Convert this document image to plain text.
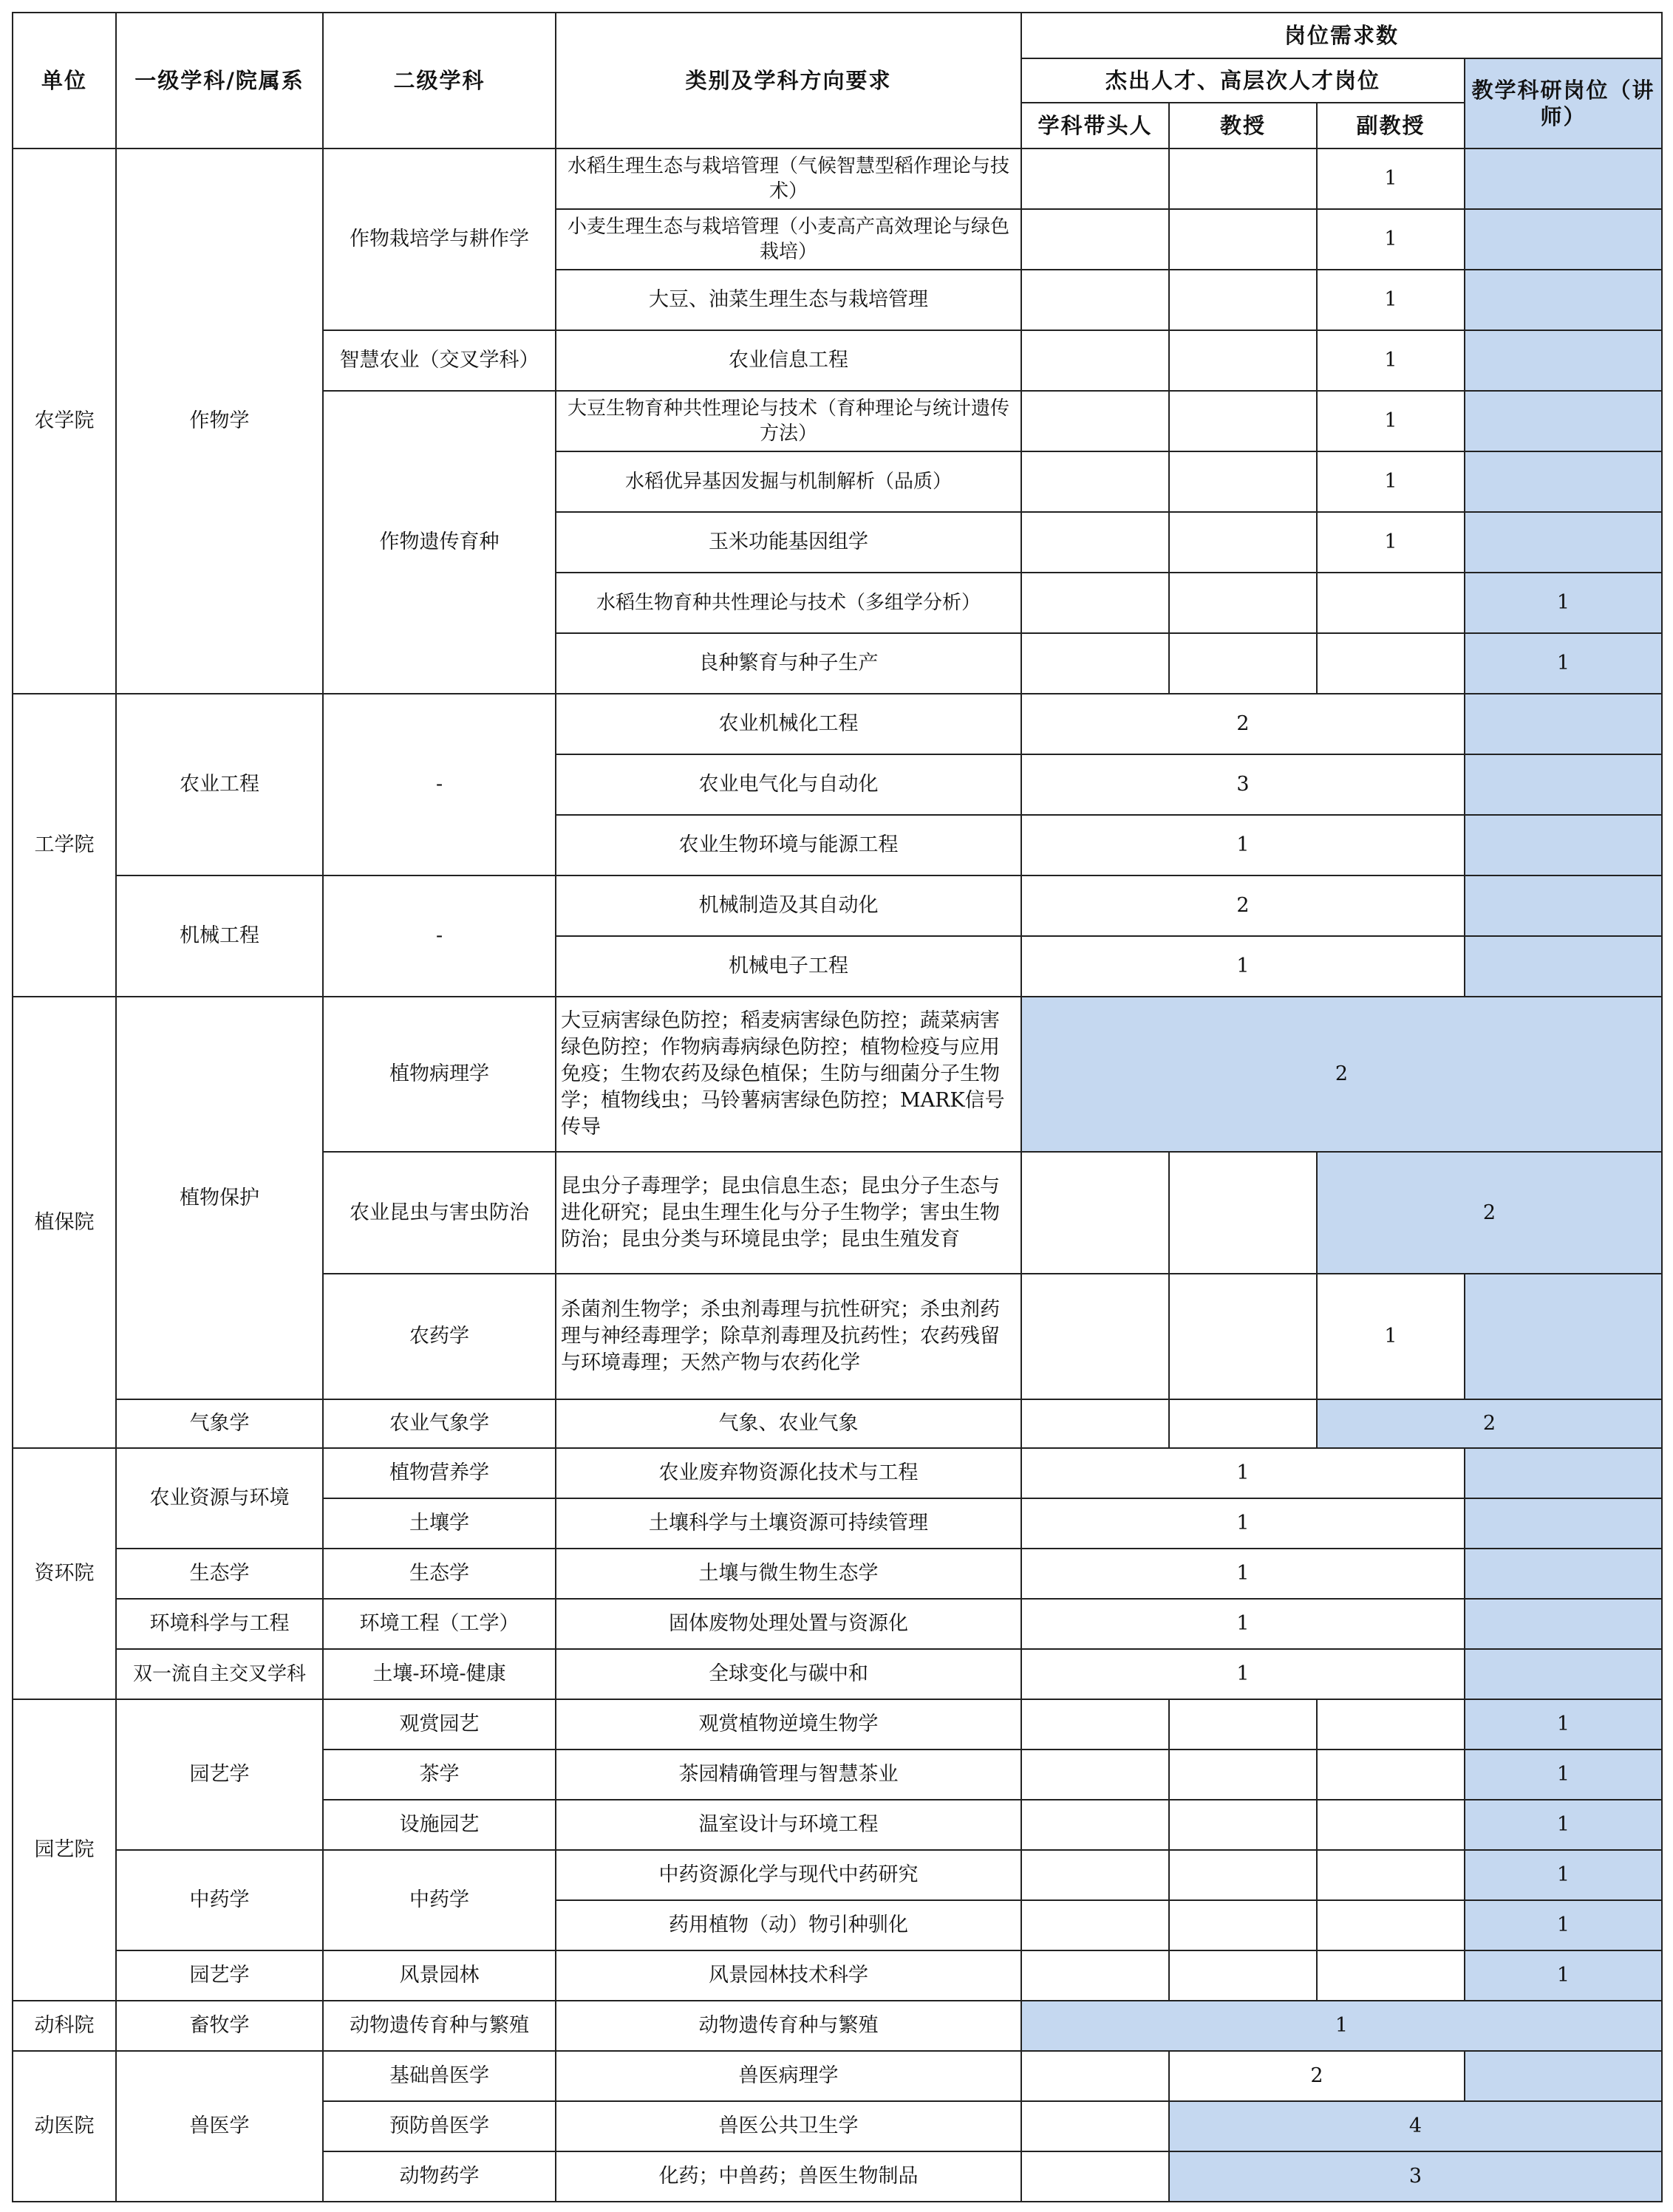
单位	一级学科/院属系	二级学科	类别及学科方向要求	岗位需求数			
				杰出人才、高层次人才岗位			教学科研岗位（讲师）
				学科带头人	教授	副教授	
农学院	作物学	作物栽培学与耕作学	水稻生理生态与栽培管理（气候智慧型稻作理论与技术）			1	
			小麦生理生态与栽培管理（小麦高产高效理论与绿色栽培）			1	
			大豆、油菜生理生态与栽培管理			1	
		智慧农业（交叉学科）	农业信息工程			1	
		作物遗传育种	大豆生物育种共性理论与技术（育种理论与统计遗传方法）			1	
			水稻优异基因发掘与机制解析（品质）			1	
			玉米功能基因组学			1	
			水稻生物育种共性理论与技术（多组学分析）				1
			良种繁育与种子生产				1
工学院	农业工程	-	农业机械化工程	2			
			农业电气化与自动化	3			
			农业生物环境与能源工程	1			
	机械工程	-	机械制造及其自动化	2			
			机械电子工程	1			
植保院	植物保护	植物病理学	大豆病害绿色防控；稻麦病害绿色防控；蔬菜病害绿色防控；作物病毒病绿色防控；植物检疫与应用免疫；生物农药及绿色植保；生防与细菌分子生物学；植物线虫；马铃薯病害绿色防控；MARK信号传导	2			
		农业昆虫与害虫防治	昆虫分子毒理学；昆虫信息生态；昆虫分子生态与进化研究；昆虫生理生化与分子生物学；害虫生物防治；昆虫分类与环境昆虫学；昆虫生殖发育			2	
		农药学	杀菌剂生物学；杀虫剂毒理与抗性研究；杀虫剂药理与神经毒理学；除草剂毒理及抗药性；农药残留与环境毒理；天然产物与农药化学			1	
	气象学	农业气象学	气象、农业气象			2	
资环院	农业资源与环境	植物营养学	农业废弃物资源化技术与工程	1			
		土壤学	土壤科学与土壤资源可持续管理	1			
	生态学	生态学	土壤与微生物生态学	1			
	环境科学与工程	环境工程（工学）	固体废物处理处置与资源化	1			
	双一流自主交叉学科	土壤-环境-健康	全球变化与碳中和	1			
园艺院	园艺学	观赏园艺	观赏植物逆境生物学				1
		茶学	茶园精确管理与智慧茶业				1
		设施园艺	温室设计与环境工程				1
	中药学	中药学	中药资源化学与现代中药研究				1
			药用植物（动）物引种驯化				1
	园艺学	风景园林	风景园林技术科学				1
动科院	畜牧学	动物遗传育种与繁殖	动物遗传育种与繁殖	1			
动医院	兽医学	基础兽医学	兽医病理学		2		
		预防兽医学	兽医公共卫生学		4		
		动物药学	化药；中兽药；兽医生物制品		3		
